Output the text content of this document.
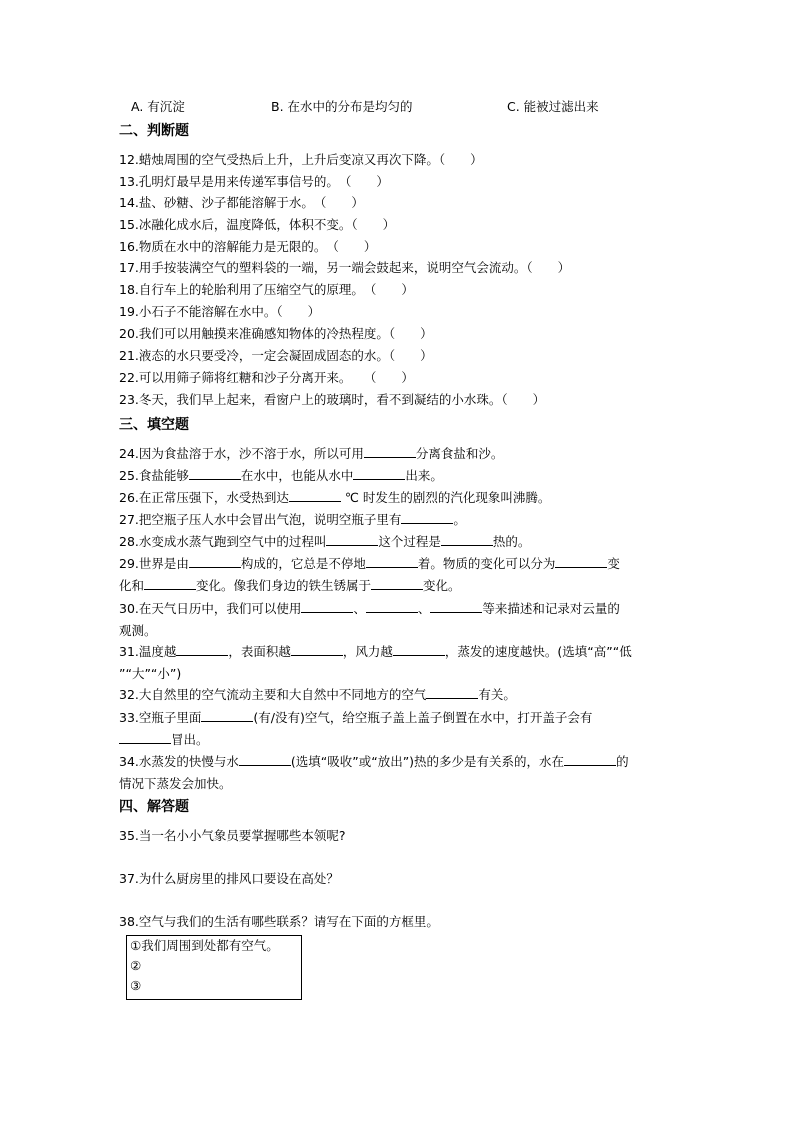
A. 有沉淀	B. 在水中的分布是均匀的	C. 能被过滤出来
二、判断题
12.蜡烛周围的空气受热后上升，上升后变凉又再次下降。（　　）
13.孔明灯最早是用来传递军事信号的。　（　　）
14.盐、砂糖、沙子都能溶解于水。　（　　）
15.冰融化成水后，温度降低，体积不变。（　　）
16.物质在水中的溶解能力是无限的。　（　　）
17.用手按装满空气的塑料袋的一端，另一端会鼓起来，说明空气会流动。（　　）
18.自行车上的轮胎利用了压缩空气的原理。　（　　）
19.小石子不能溶解在水中。（　　）
20.我们可以用触摸来准确感知物体的冷热程度。（　　）
21.液态的水只要受冷，一定会凝固成固态的水。（　　）
22.可以用筛子筛将红糖和沙子分离开来。　　（　　）
23.冬天，我们早上起来，看窗户上的玻璃时，看不到凝结的小水珠。（　　）
三、填空题
24.因为食盐溶于水，沙不溶于水，所以可用	分离食盐和沙。
25.食盐能够	在水中，也能从水中	出来。
26.在正常压强下，水受热到达	℃ 时发生的剧烈的汽化现象叫沸腾。
27.把空瓶子压人水中会冒出气泡，说明空瓶子里有	。
28.水变成水蒸气跑到空气中的过程叫	这个过程是	热的。
29.世界是由	构成的，它总是不停地	着。物质的变化可以分为	变
化和	变化。像我们身边的铁生锈属于	变化。
30.在天气日历中，我们可以使用	、	、	等来描述和记录对云量的
观测。
31.温度越	，表面积越	，风力越	，蒸发的速度越快。(选填“高”“低
”“大”“小”)
32.大自然里的空气流动主要和大自然中不同地方的空气	有关。
33.空瓶子里面	(有/没有)空气，给空瓶子盖上盖子倒置在水中，打开盖子会有
冒出。
34.水蒸发的快慢与水	(选填“吸收”或“放出”)热的多少是有关系的，水在	的
情况下蒸发会加快。
四、解答题
35.当一名小小气象员要掌握哪些本领呢?
37.为什么厨房里的排风口要设在高处？
38.空气与我们的生活有哪些联系？请写在下面的方框里。
①我们周围到处都有空气。
②
③
